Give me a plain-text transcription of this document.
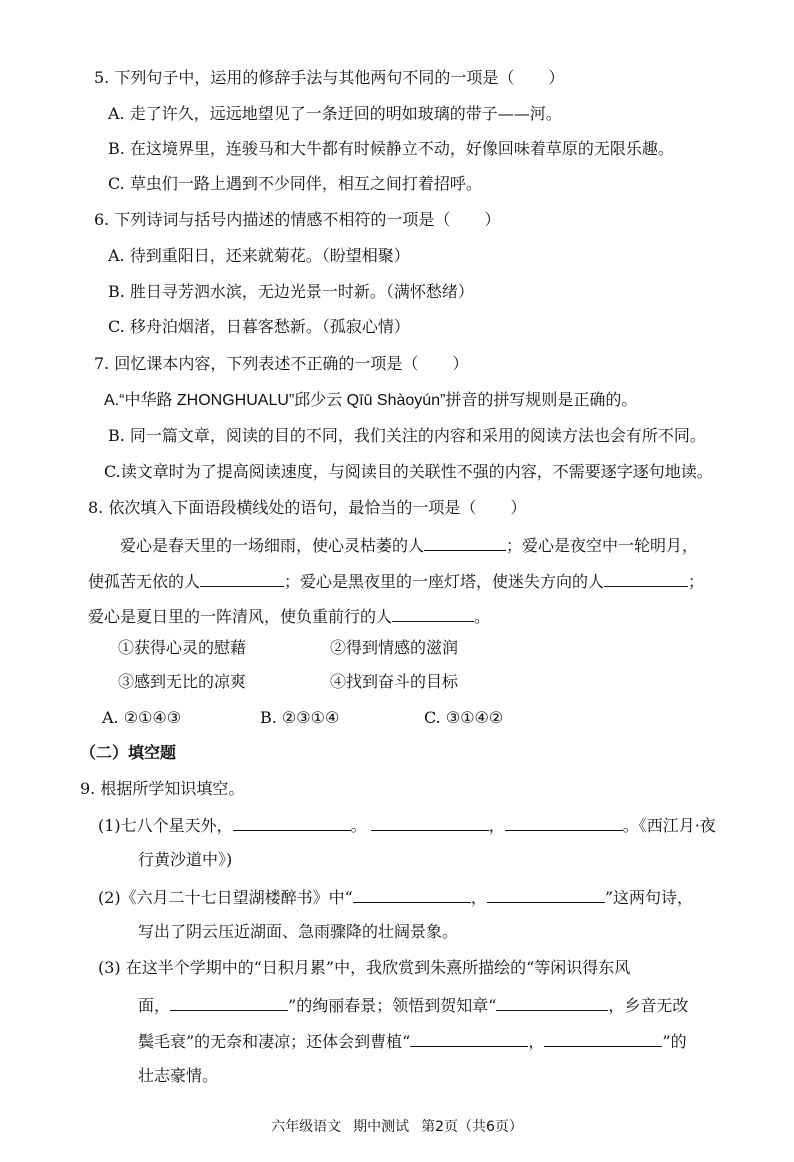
5. 下列句子中，运用的修辞手法与其他两句不同的一项是（ ）
A. 走了许久，远远地望见了一条迂回的明如玻璃的带子——河。
B. 在这境界里，连骏马和大牛都有时候静立不动，好像回味着草原的无限乐趣。
C. 草虫们一路上遇到不少同伴，相互之间打着招呼。
6. 下列诗词与括号内描述的情感不相符的一项是（ ）
A. 待到重阳日，还来就菊花。（盼望相聚）
B. 胜日寻芳泗水滨，无边光景一时新。（满怀愁绪）
C. 移舟泊烟渚，日暮客愁新。（孤寂心情）
7. 回忆课本内容，下列表述不正确的一项是（ ）
A.“中华路 ZHONGHUALU”邱少云 Qīū Shàoyún”拼音的拼写规则是正确的。
B. 同一篇文章，阅读的目的不同，我们关注的内容和采用的阅读方法也会有所不同。
C.读文章时为了提高阅读速度，与阅读目的关联性不强的内容，不需要逐字逐句地读。
8. 依次填入下面语段横线处的语句，最恰当的一项是（ ）
爱心是春天里的一场细雨，使心灵枯萎的人	；爱心是夜空中一轮明月，
使孤苦无依的人	；爱心是黑夜里的一座灯塔，使迷失方向的人	；
爱心是夏日里的一阵清风，使负重前行的人	。
①获得心灵的慰藉	②得到情感的滋润
③感到无比的凉爽	④找到奋斗的目标
A. ②①④③	B. ②③①④	C. ③①④②
（二）填空题
9. 根据所学知识填空。
(1)七八个星天外，	。	，	。《西江月·夜
行黄沙道中》)
(2)《六月二十七日望湖楼醉书》中“	，	”这两句诗，
写出了阴云压近湖面、急雨骤降的壮阔景象。
(3) 在这半个学期中的“日积月累”中，我欣赏到朱熹所描绘的“等闲识得东风
面，	”的绚丽春景；领悟到贺知章“	，乡音无改
鬓毛衰”的无奈和凄凉；还体会到曹植“	，	”的
壮志豪情。
六年级语文 期中测试 第2页（共6页）
